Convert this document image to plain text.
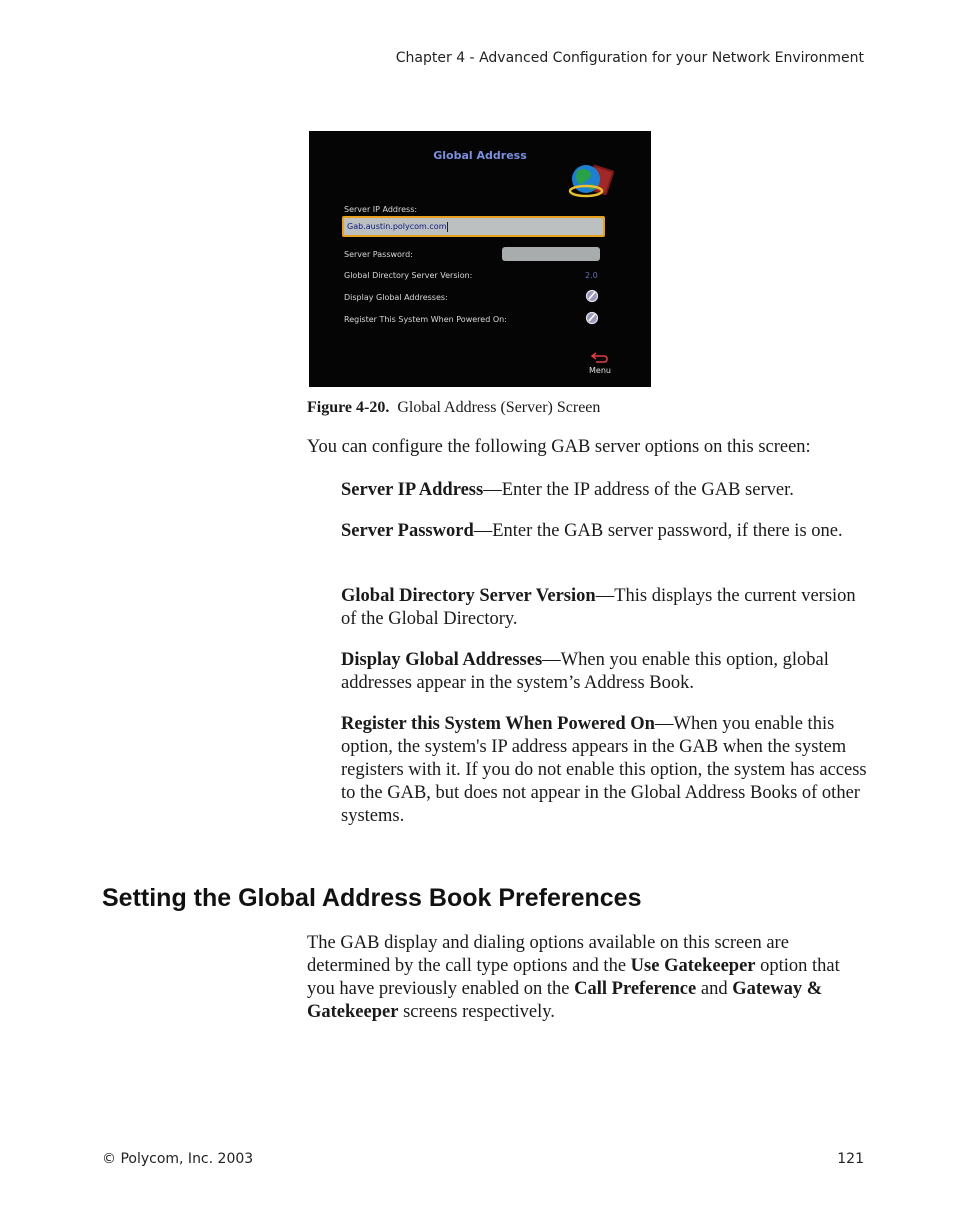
Chapter 4 - Advanced Configuration for your Network Environment
Global Address
Server IP Address:
Gab.austin.polycom.com
Server Password:
Global Directory Server Version:	2.0
Display Global Addresses:
Register This System When Powered On:
Menu
Figure 4-20. Global Address (Server) Screen
You can configure the following GAB server options on this screen:
Server IP Address—Enter the IP address of the GAB server.
Server Password—Enter the GAB server password, if there is one.
Global Directory Server Version—This displays the current version of the Global Directory.
Display Global Addresses—When you enable this option, global addresses appear in the system’s Address Book.
Register this System When Powered On—When you enable this option, the system's IP address appears in the GAB when the system registers with it. If you do not enable this option, the system has access to the GAB, but does not appear in the Global Address Books of other systems.
Setting the Global Address Book Preferences
The GAB display and dialing options available on this screen are determined by the call type options and the Use Gatekeeper option that you have previously enabled on the Call Preference and Gateway & Gatekeeper screens respectively.
© Polycom, Inc. 2003	121
